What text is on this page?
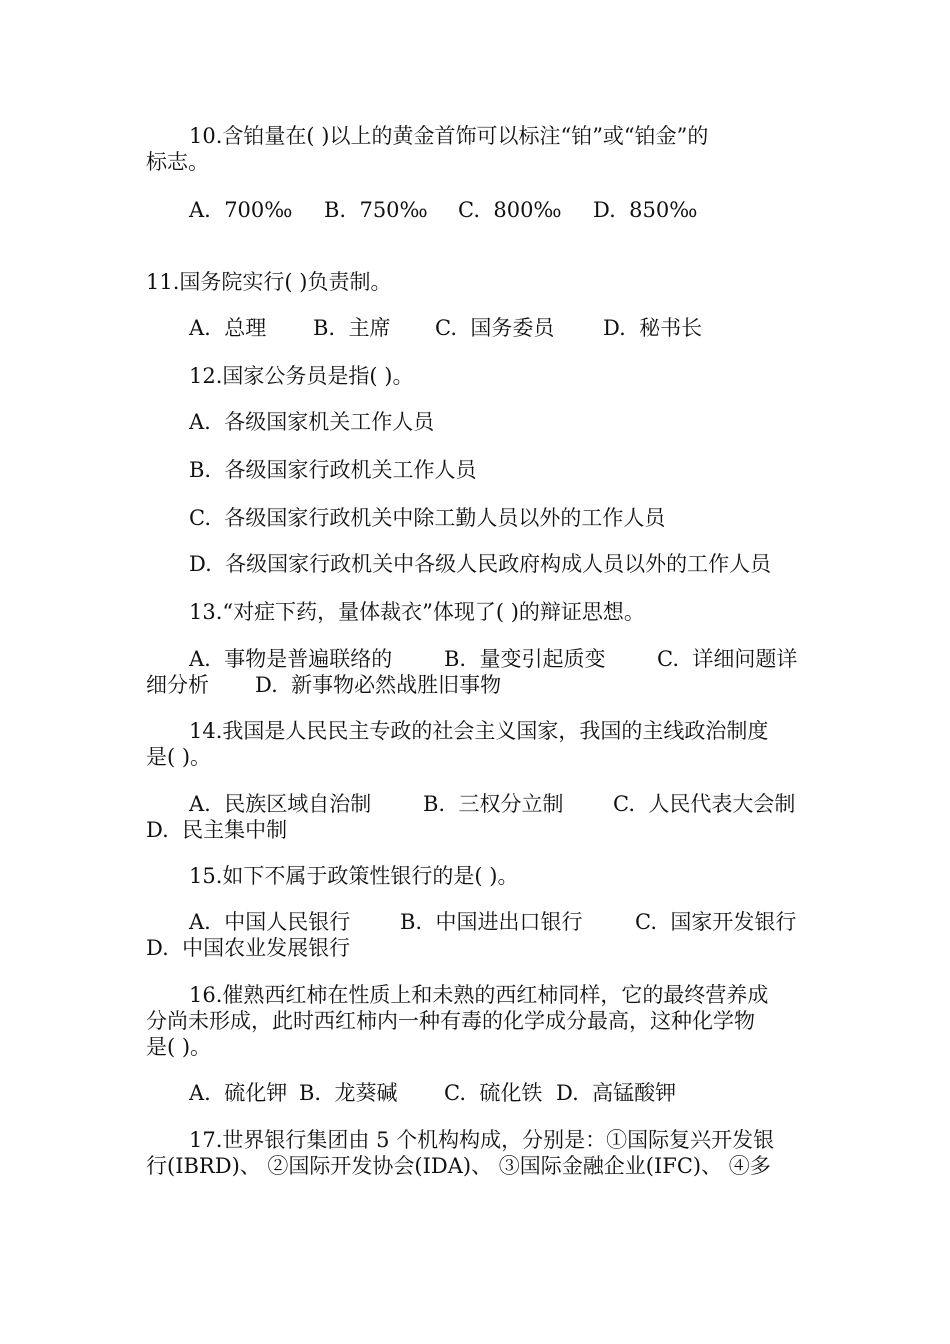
10.含铂量在( )以上的黄金首饰可以标注“铂”或“铂金”的
标志。
A.  700‰ B.  750‰ C.  800‰ D.  850‰
11.国务院实行( )负责制。
A.  总理 B.  主席 C.  国务委员 D.  秘书长
12.国家公务员是指( )。
A.  各级国家机关工作人员
B.  各级国家行政机关工作人员
C.  各级国家行政机关中除工勤人员以外的工作人员
D.  各级国家行政机关中各级人民政府构成人员以外的工作人员
13.“对症下药，量体裁衣”体现了( )的辩证思想。
A.  事物是普遍联络的 B.  量变引起质变 C.  详细问题详
细分析 D.  新事物必然战胜旧事物
14.我国是人民民主专政的社会主义国家，我国的主线政治制度
是( )。
A.  民族区域自治制 B.  三权分立制 C.  人民代表大会制
D.  民主集中制
15.如下不属于政策性银行的是( )。
A.  中国人民银行 B.  中国进出口银行	C.  国家开发银行
D.  中国农业发展银行
16.催熟西红柿在性质上和未熟的西红柿同样，它的最终营养成
分尚未形成，此时西红柿内一种有毒的化学成分最高，这种化学物
是( )。
A.  硫化钾 B.  龙葵碱 C.  硫化铁 D.  高锰酸钾
17.世界银行集团由 5 个机构构成，分别是：①国际复兴开发银
行(IBRD)、 ②国际开发协会(IDA)、 ③国际金融企业(IFC)、 ④多
